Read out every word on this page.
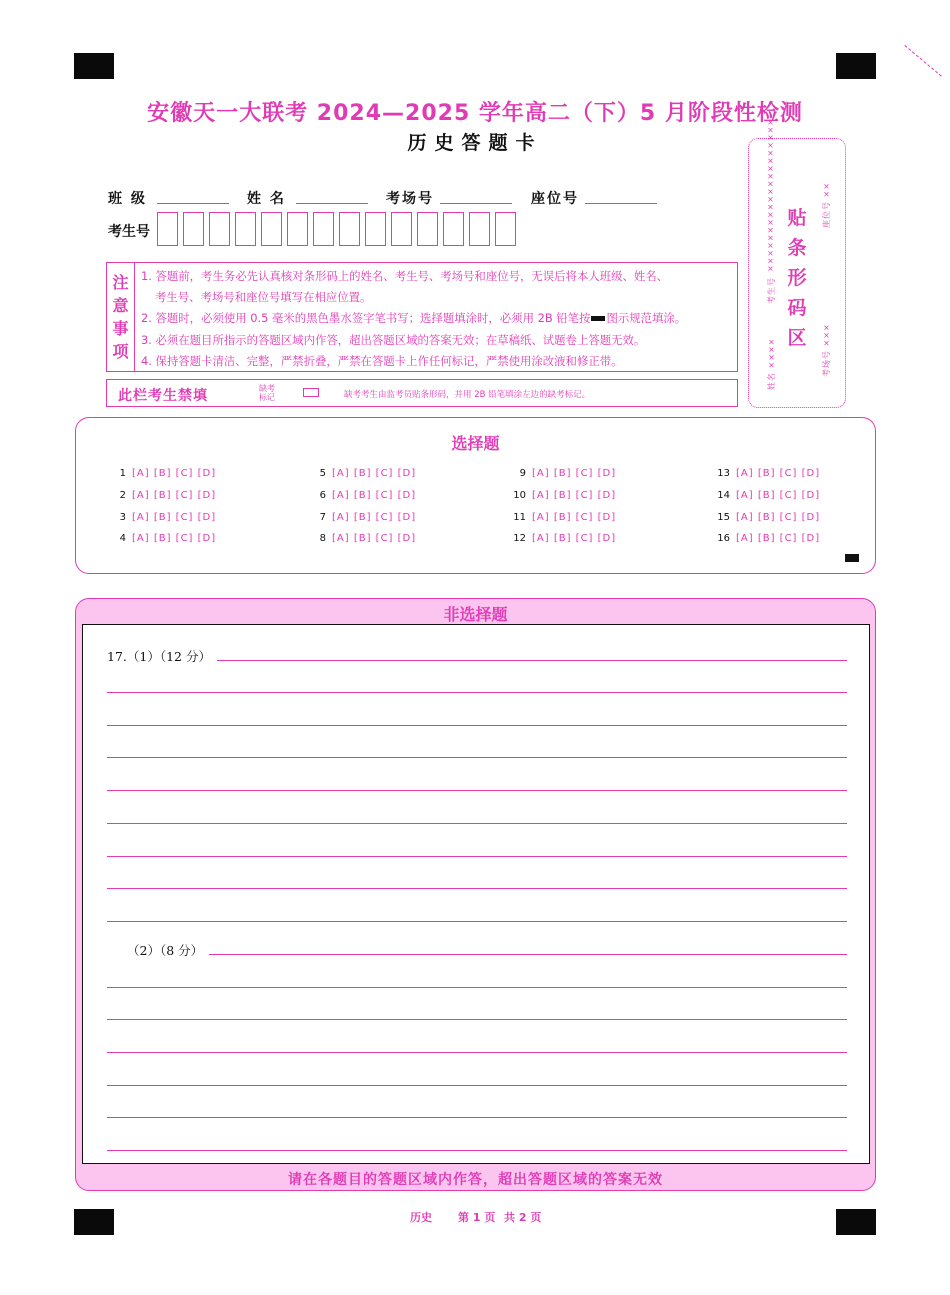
安徽天一大联考 2024—2025 学年高二（下）5 月阶段性检测
历史答题卡
班 级	姓 名	考场号	座位号
考生号
贴
条
形
码
区
××××××××××××××××××××
考生号
姓名 ××××
座位号 ××
考场号 ×××
注
意
事
项
1. 答题前，考生务必先认真核对条形码上的姓名、考生号、考场号和座位号，无误后将本人班级、姓名、
考生号、考场号和座位号填写在相应位置。
2. 答题时，必须使用 0.5 毫米的黑色墨水签字笔书写；选择题填涂时，必须用 2B 铅笔按 图示规范填涂。
3. 必须在题目所指示的答题区域内作答，超出答题区域的答案无效；在草稿纸、试题卷上答题无效。
4. 保持答题卡清洁、完整，严禁折叠，严禁在答题卡上作任何标记，严禁使用涂改液和修正带。
此栏考生禁填	缺考标记	缺考考生由监考员贴条形码，并用 2B 铅笔填涂左边的缺考标记。
选择题
1 [A] [B] [C] [D]
2 [A] [B] [C] [D]
3 [A] [B] [C] [D]
4 [A] [B] [C] [D]
5 [A] [B] [C] [D]
6 [A] [B] [C] [D]
7 [A] [B] [C] [D]
8 [A] [B] [C] [D]
9 [A] [B] [C] [D]
10 [A] [B] [C] [D]
11 [A] [B] [C] [D]
12 [A] [B] [C] [D]
13 [A] [B] [C] [D]
14 [A] [B] [C] [D]
15 [A] [B] [C] [D]
16 [A] [B] [C] [D]
非选择题
17.（1）（12 分）
（2）（8 分）
请在各题目的答题区域内作答，超出答题区域的答案无效
历史 第 1 页 共 2 页
